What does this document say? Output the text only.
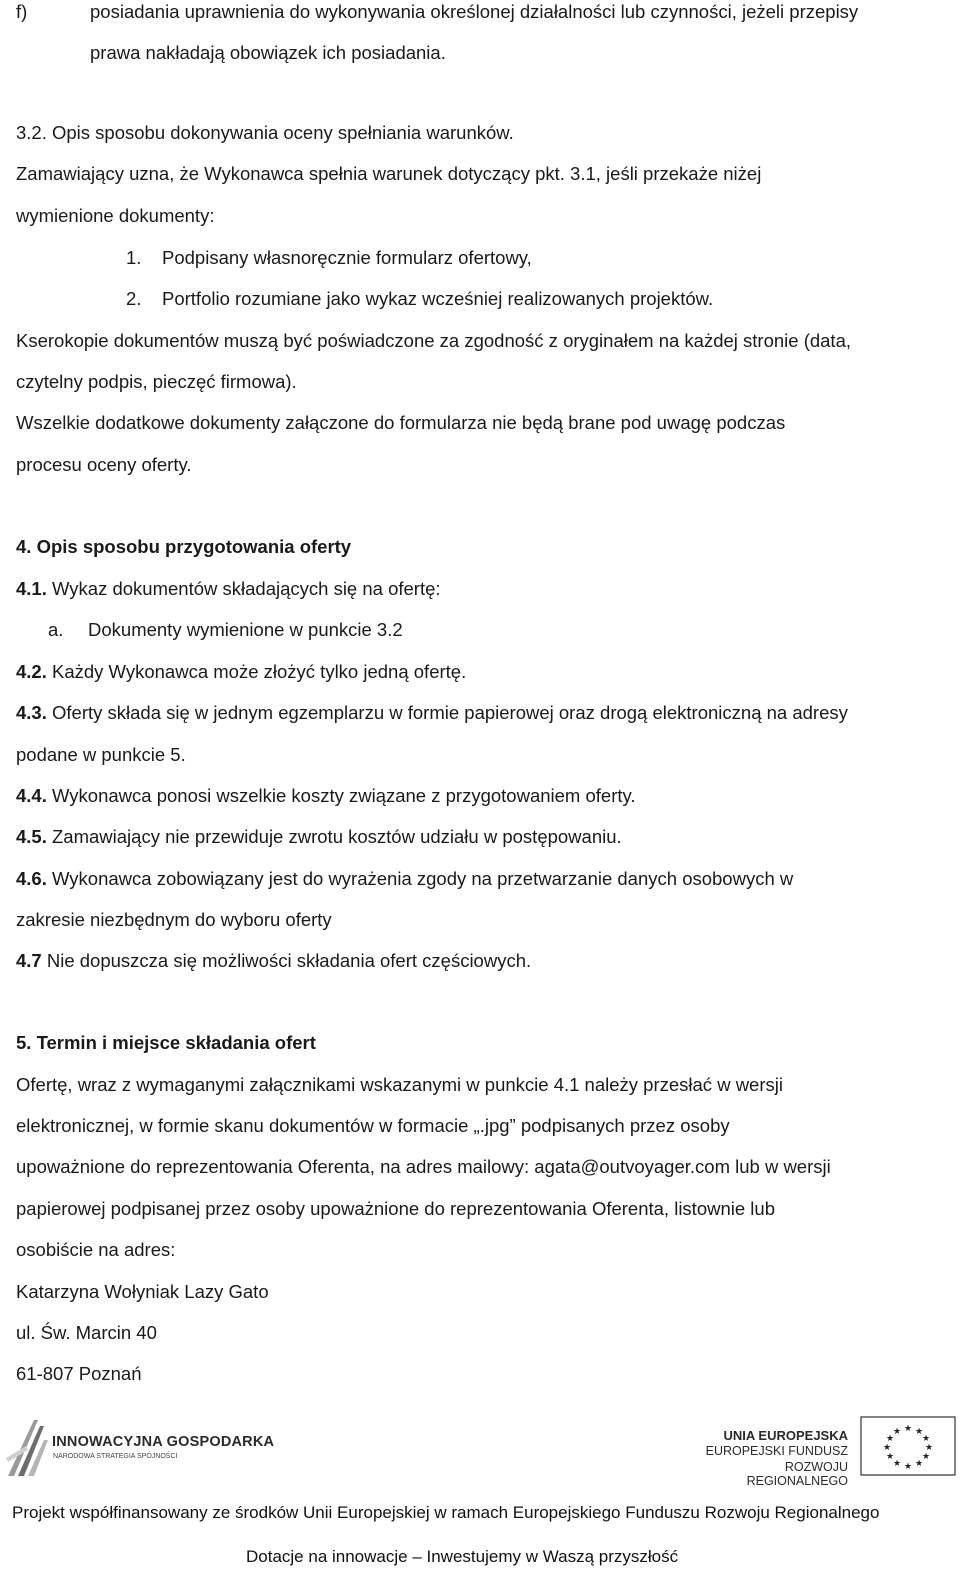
f)	posiadania uprawnienia do wykonywania określonej działalności lub czynności, jeżeli przepisy
prawa nakładają obowiązek ich posiadania.
3.2. Opis sposobu dokonywania oceny spełniania warunków.
Zamawiający uzna, że Wykonawca spełnia warunek dotyczący pkt. 3.1, jeśli przekaże niżej
wymienione dokumenty:
1. Podpisany własnoręcznie formularz ofertowy,
2. Portfolio rozumiane jako wykaz wcześniej realizowanych projektów.
Kserokopie dokumentów muszą być poświadczone za zgodność z oryginałem na każdej stronie (data,
czytelny podpis, pieczęć firmowa).
Wszelkie dodatkowe dokumenty załączone do formularza nie będą brane pod uwagę podczas
procesu oceny oferty.
4. Opis sposobu przygotowania oferty
4.1. Wykaz dokumentów składających się na ofertę:
a. Dokumenty wymienione w punkcie 3.2
4.2. Każdy Wykonawca może złożyć tylko jedną ofertę.
4.3. Oferty składa się w jednym egzemplarzu w formie papierowej oraz drogą elektroniczną na adresy
podane w punkcie 5.
4.4. Wykonawca ponosi wszelkie koszty związane z przygotowaniem oferty.
4.5. Zamawiający nie przewiduje zwrotu kosztów udziału w postępowaniu.
4.6. Wykonawca zobowiązany jest do wyrażenia zgody na przetwarzanie danych osobowych w
zakresie niezbędnym do wyboru oferty
4.7 Nie dopuszcza się możliwości składania ofert częściowych.
5. Termin i miejsce składania ofert
Ofertę, wraz z wymaganymi załącznikami wskazanymi w punkcie 4.1 należy przesłać w wersji
elektronicznej, w formie skanu dokumentów w formacie „.jpg” podpisanych przez osoby
upoważnione do reprezentowania Oferenta, na adres mailowy: agata@outvoyager.com lub w wersji
papierowej podpisanej przez osoby upoważnione do reprezentowania Oferenta, listownie lub
osobiście na adres:
Katarzyna Wołyniak Lazy Gato
ul. Św. Marcin 40
61-807 Poznań
INNOWACYJNA GOSPODARKA
NARODOWA STRATEGIA SPÓJNOŚCI
UNIA EUROPEJSKA
EUROPEJSKI FUNDUSZ
ROZWOJU REGIONALNEGO
★ ★
★
★
★
★
★
★
★
★
★
★
Projekt współfinansowany ze środków Unii Europejskiej w ramach Europejskiego Funduszu Rozwoju Regionalnego
Dotacje na innowacje – Inwestujemy w Waszą przyszłość
